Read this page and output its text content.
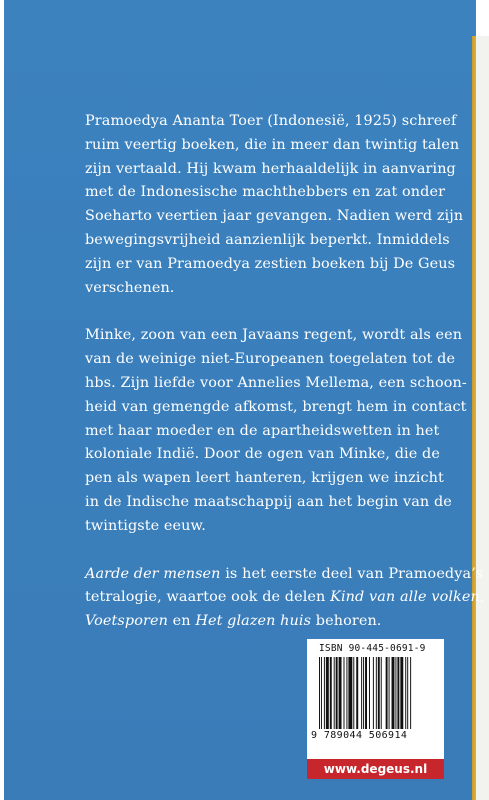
Pramoedya Ananta Toer (Indonesië, 1925) schreef
ruim veertig boeken, die in meer dan twintig talen
zijn vertaald. Hij kwam herhaaldelijk in aanvaring
met de Indonesische machthebbers en zat onder
Soeharto veertien jaar gevangen. Nadien werd zijn
bewegingsvrijheid aanzienlijk beperkt. Inmiddels
zijn er van Pramoedya zestien boeken bij De Geus
verschenen.

Minke, zoon van een Javaans regent, wordt als een
van de weinige niet-Europeanen toegelaten tot de
hbs. Zijn liefde voor Annelies Mellema, een schoon-
heid van gemengde afkomst, brengt hem in contact
met haar moeder en de apartheidswetten in het
koloniale Indië. Door de ogen van Minke, die de
pen als wapen leert hanteren, krijgen we inzicht
in de Indische maatschappij aan het begin van de
twintigste eeuw.

Aarde der mensen is het eerste deel van Pramoedya’s
tetralogie, waartoe ook de delen Kind van alle volken,
Voetsporen en Het glazen huis behoren.

ISBN 90-445-0691-9
9 789044 506914
www.degeus.nl
